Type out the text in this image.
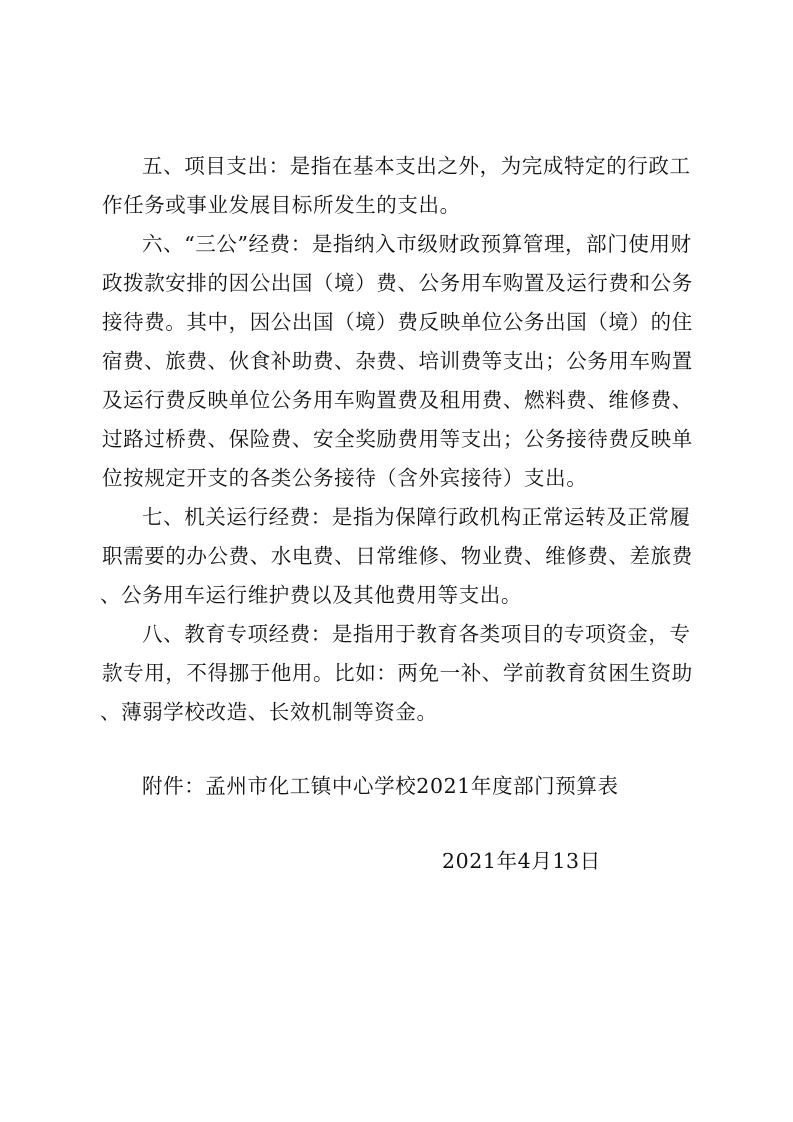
五、项目支出：是指在基本支出之外，为完成特定的行政工
作任务或事业发展目标所发生的支出。
六、“三公”经费：是指纳入市级财政预算管理，部门使用财
政拨款安排的因公出国（境）费、公务用车购置及运行费和公务
接待费。其中，因公出国（境）费反映单位公务出国（境）的住
宿费、旅费、伙食补助费、杂费、培训费等支出；公务用车购置
及运行费反映单位公务用车购置费及租用费、燃料费、维修费、
过路过桥费、保险费、安全奖励费用等支出；公务接待费反映单
位按规定开支的各类公务接待（含外宾接待）支出。
七、机关运行经费：是指为保障行政机构正常运转及正常履
职需要的办公费、水电费、日常维修、物业费、维修费、差旅费
、公务用车运行维护费以及其他费用等支出。
八、教育专项经费：是指用于教育各类项目的专项资金，专
款专用，不得挪于他用。比如：两免一补、学前教育贫困生资助
、薄弱学校改造、长效机制等资金。
附件：孟州市化工镇中心学校2021年度部门预算表
2021年4月13日
